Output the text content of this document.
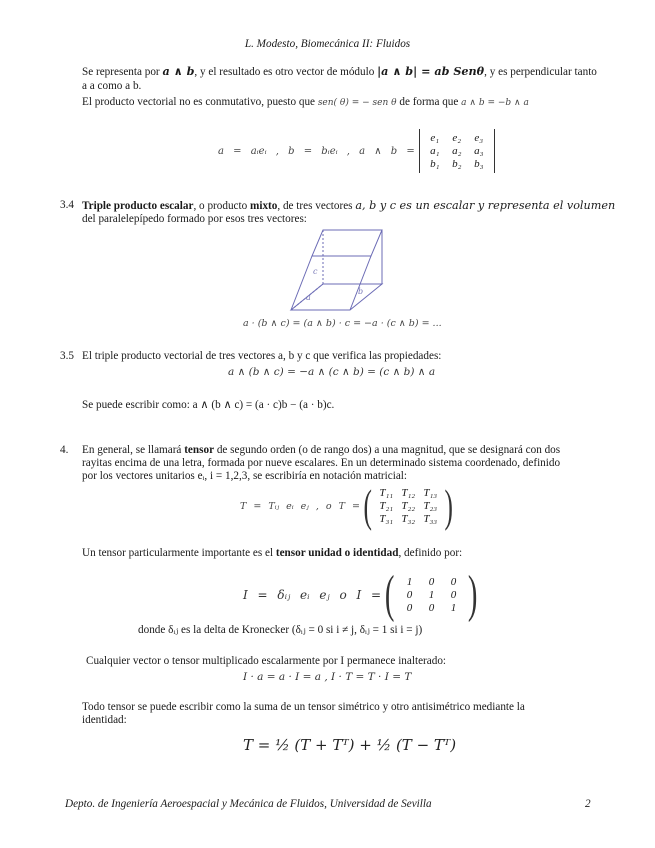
L. Modesto, Biomecánica II: Fluidos
Se representa por a ∧ b, y el resultado es otro vector de módulo |a ∧ b| = ab Senθ, y es perpendicular tanto
a a como a b.
El producto vectorial no es conmutativo, puesto que sen( θ) = − sen θ de forma que a ∧ b = −b ∧ a
a = aᵢeᵢ , b = bᵢeᵢ , a ∧ b =
e₁	e₂	e₃
a₁	a₂	a₃
b₁	b₂	b₃
3.4 Triple producto escalar, o producto mixto, de tres vectores a, b y c es un escalar y representa el volumen
del paralelepípedo formado por esos tres vectores:
c
b
a
a · (b ∧ c) = (a ∧ b) · c = −a · (c ∧ b) = ...
3.5 El triple producto vectorial de tres vectores a, b y c que verifica las propiedades:
a ∧ (b ∧ c) = −a ∧ (c ∧ b) = (c ∧ b) ∧ a
Se puede escribir como: a ∧ (b ∧ c) = (a · c)b − (a · b)c.
4. En general, se llamará tensor de segundo orden (o de rango dos) a una magnitud, que se designará con dos
rayitas encima de una letra, formada por nueve escalares. En un determinado sistema coordenado, definido
por los vectores unitarios eᵢ, i = 1,2,3, se escribiría en notación matricial:
T = Tᵢⱼ eᵢ eⱼ , o T = ( T₁₁ T₁₂ T₁₃
T₂₁ T₂₂ T₂₃
T₃₁ T₃₂ T₃₃ )
Un tensor particularmente importante es el tensor unidad o identidad, definido por:
I = δᵢⱼ eᵢ eⱼ o I = (	1	0	0
0	1	0
0	0	1 )
donde δᵢⱼ es la delta de Kronecker (δᵢⱼ = 0 si i ≠ j, δᵢⱼ = 1 si i = j)
Cualquier vector o tensor multiplicado escalarmente por I permanece inalterado:
I · a = a · I = a , I · T = T · I = T
Todo tensor se puede escribir como la suma de un tensor simétrico y otro antisimétrico mediante la
identidad:
T = ½ (T + Tᵀ) + ½ (T − Tᵀ)
Depto. de Ingeniería Aeroespacial y Mecánica de Fluidos, Universidad de Sevilla	2
